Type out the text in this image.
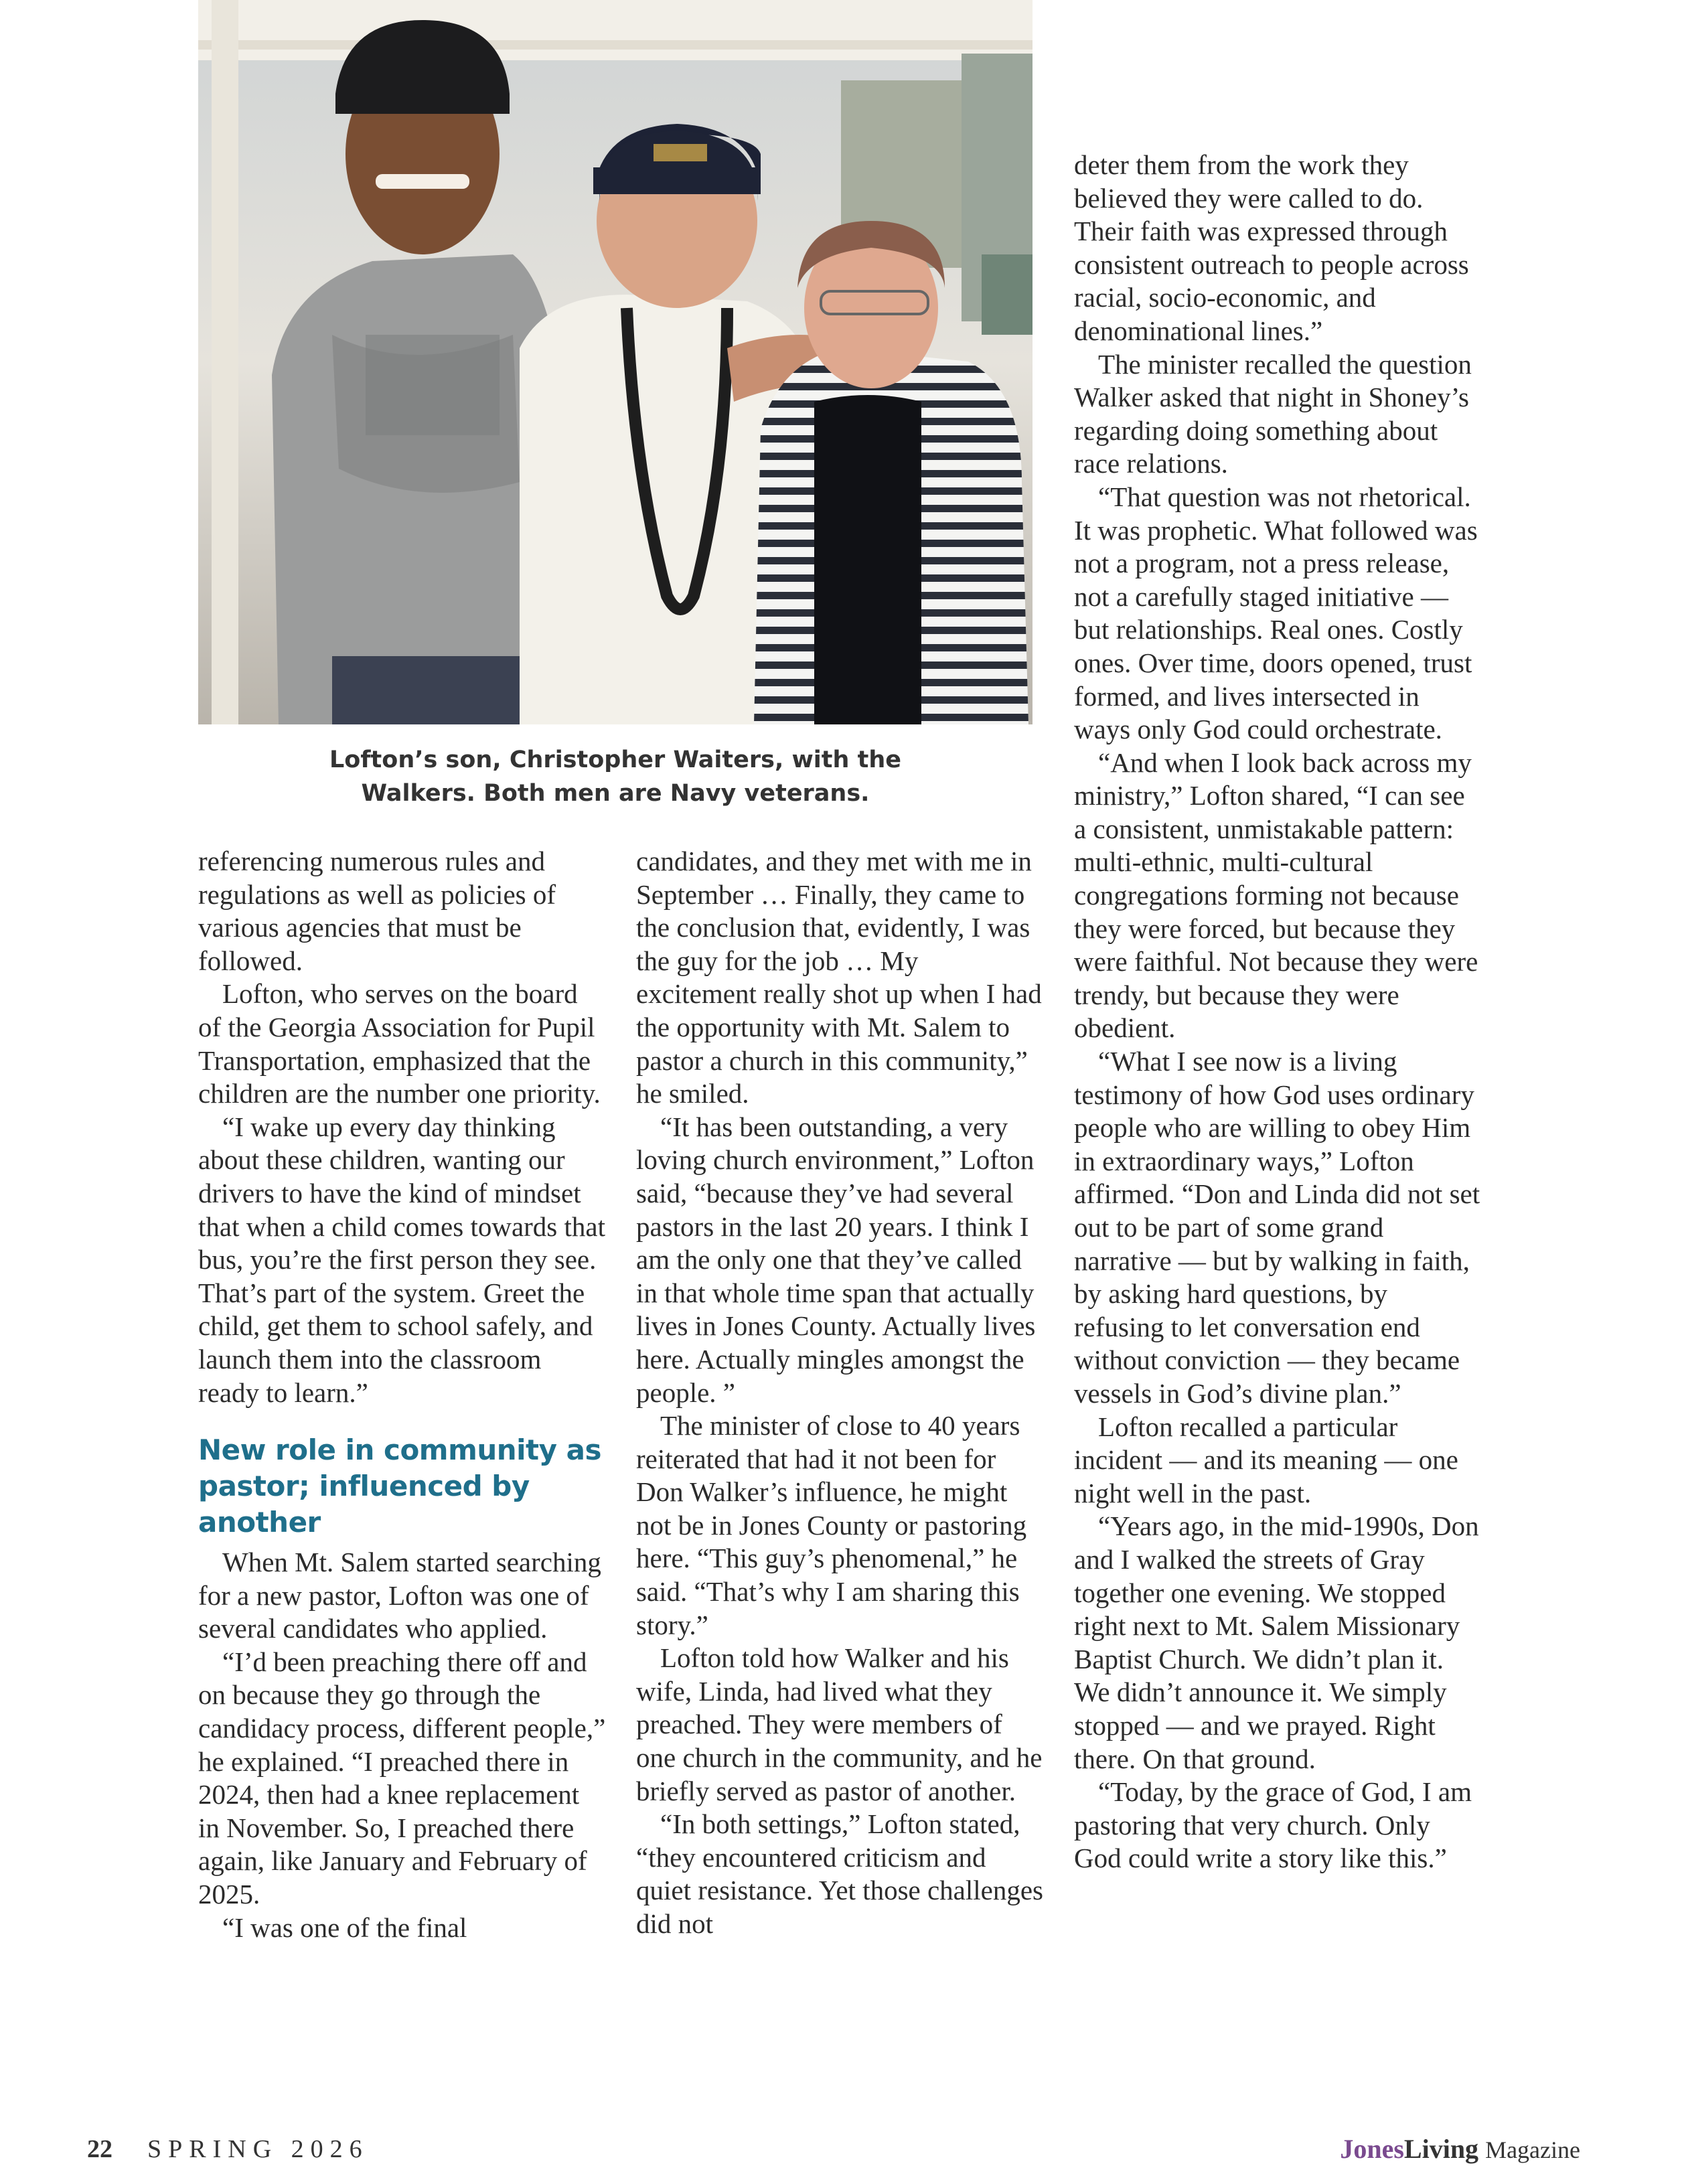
Lofton’s son, Christopher Waiters, with the
Walkers. Both men are Navy veterans.

referencing numerous rules and regulations as well as policies of various agencies that must be followed.

Lofton, who serves on the board of the Georgia Association for Pupil Transportation, emphasized that the children are the number one priority.

“I wake up every day thinking about these children, wanting our drivers to have the kind of mindset that when a child comes towards that bus, you’re the first person they see. That’s part of the system. Greet the child, get them to school safely, and launch them into the classroom ready to learn.”

New role in community as pastor; influenced by another

When Mt. Salem started searching for a new pastor, Lofton was one of several candidates who applied.

“I’d been preaching there off and on because they go through the candidacy process, different people,” he explained. “I preached there in 2024, then had a knee replacement in November. So, I preached there again, like January and February of 2025.

“I was one of the final

candidates, and they met with me in September … Finally, they came to the conclusion that, evidently, I was the guy for the job … My excitement really shot up when I had the opportunity with Mt. Salem to pastor a church in this community,” he smiled.

“It has been outstanding, a very loving church environment,” Lofton said, “because they’ve had several pastors in the last 20 years. I think I am the only one that they’ve called in that whole time span that actually lives in Jones County. Actually lives here. Actually mingles amongst the people. ”

The minister of close to 40 years reiterated that had it not been for Don Walker’s influence, he might not be in Jones County or pastoring here. “This guy’s phenomenal,” he said. “That’s why I am sharing this story.”

Lofton told how Walker and his wife, Linda, had lived what they preached. They were members of one church in the community, and he briefly served as pastor of another.

“In both settings,” Lofton stated, “they encountered criticism and quiet resistance. Yet those challenges did not

deter them from the work they believed they were called to do. Their faith was expressed through consistent outreach to people across racial, socio-economic, and denominational lines.”

The minister recalled the question Walker asked that night in Shoney’s regarding doing something about race relations.

“That question was not rhetorical. It was prophetic. What followed was not a program, not a press release, not a carefully staged initiative — but relationships. Real ones. Costly ones. Over time, doors opened, trust formed, and lives intersected in ways only God could orchestrate.

“And when I look back across my ministry,” Lofton shared, “I can see a consistent, unmistakable pattern: multi-ethnic, multi-cultural congregations forming not because they were forced, but because they were faithful. Not because they were trendy, but because they were obedient.

“What I see now is a living testimony of how God uses ordinary people who are willing to obey Him in extraordinary ways,” Lofton affirmed. “Don and Linda did not set out to be part of some grand narrative — but by walking in faith, by asking hard questions, by refusing to let conversation end without conviction — they became vessels in God’s divine plan.”

Lofton recalled a particular incident — and its meaning — one night well in the past.

“Years ago, in the mid-1990s, Don and I walked the streets of Gray together one evening. We stopped right next to Mt. Salem Missionary Baptist Church. We didn’t plan it. We didn’t announce it. We simply stopped — and we prayed. Right there. On that ground.

“Today, by the grace of God, I am pastoring that very church. Only God could write a story like this.”

22 SPRING 2026	JonesLiving Magazine
